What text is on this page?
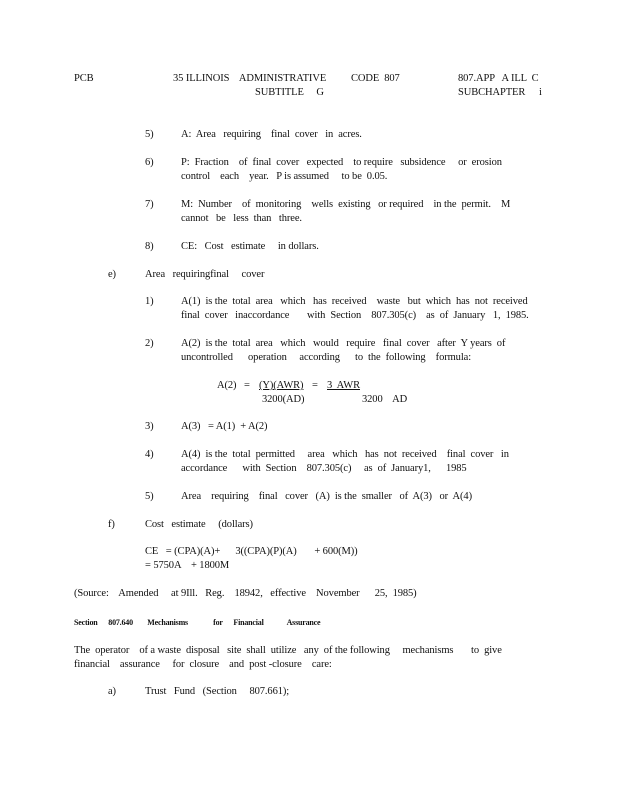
PCB	35 ILLINOIS    ADMINISTRATIVE CODE  807	807.APP   A ILL  C
SUBTITLE     G	SUBCHAPTER i
5)	A:  Area   requiring    final  cover   in  acres.
6)	P:  Fraction    of  final  cover   expected    to require   subsidence     or  erosion
control    each    year.   P is assumed     to be  0.05.
7)	M:  Number    of  monitoring    wells  existing   or required    in the  permit.    M
cannot   be   less  than   three.
8)	CE:   Cost   estimate     in dollars.
e)	Area   requiringfinal     cover
1)	A(1)  is the  total  area   which   has  received    waste   but  which  has  not  received
final  cover   inaccordance       with  Section    807.305(c)    as  of  January   1,  1985.
2)	A(2)  is the  total  area   which   would   require   final  cover   after  Y years  of
uncontrolled      operation     according      to  the  following    formula:
A(2)   = (Y)(AWR) = 3  AWR
3200(AD)	3200    AD
3)	A(3)   = A(1)  + A(2)
4)	A(4)  is the  total  permitted     area   which   has  not  received    final  cover   in
accordance      with  Section    807.305(c)     as  of  January1,      1985
5)	Area    requiring    final   cover   (A)  is the  smaller   of  A(3)   or  A(4)
f)	Cost   estimate     (dollars)
CE   = (CPA)(A)+      3((CPA)(P)(A)       + 600(M))
= 5750A    + 1800M
(Source:    Amended     at 9Ill.   Reg.    18942,   effective    November      25,  1985)
Section      807.640        Mechanisms              for      Financial             Assurance
The  operator    of a waste  disposal   site  shall  utilize   any  of the following     mechanisms       to  give
financial    assurance     for  closure    and  post -closure    care:
a)	Trust   Fund   (Section     807.661);
